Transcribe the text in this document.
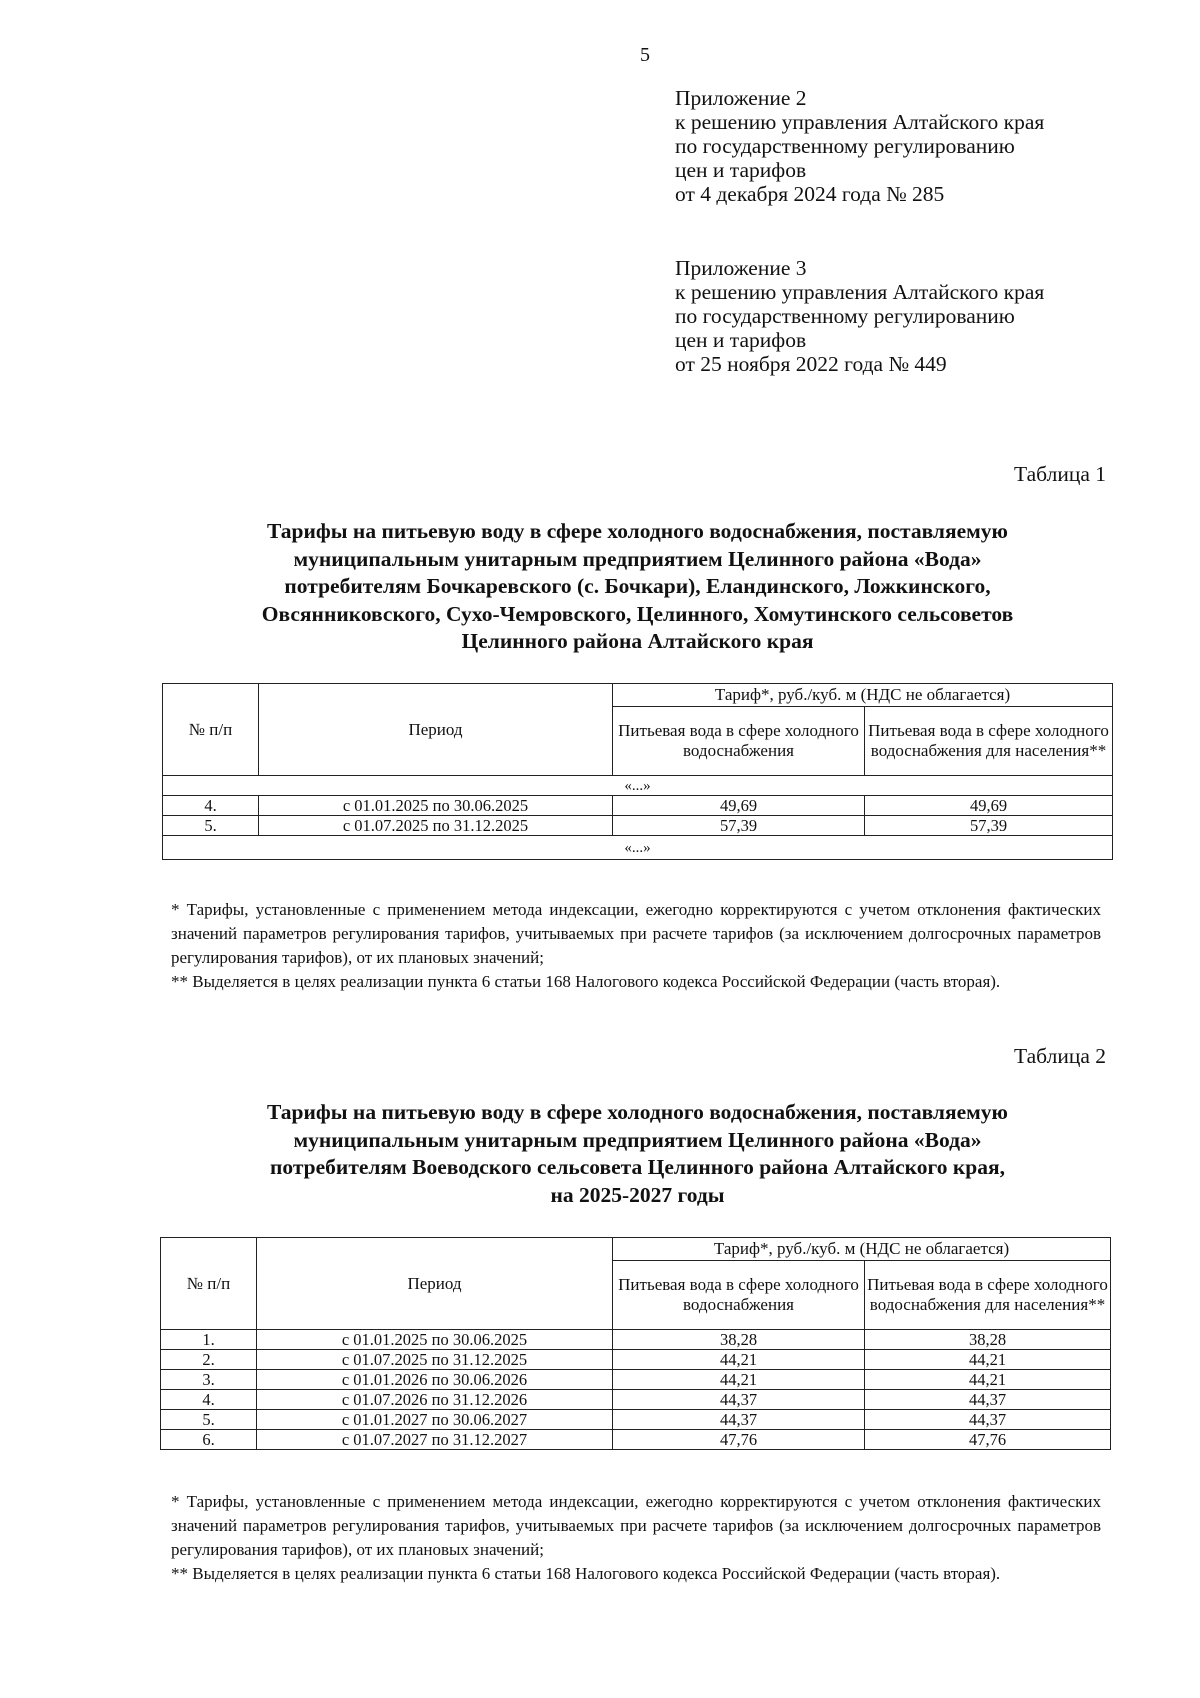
5
Приложение 2
к решению управления Алтайского края
по государственному регулированию
цен и тарифов
от 4 декабря 2024 года № 285
Приложение 3
к решению управления Алтайского края
по государственному регулированию
цен и тарифов
от 25 ноября 2022 года № 449
Таблица 1
Тарифы на питьевую воду в сфере холодного водоснабжения, поставляемую
муниципальным унитарным предприятием Целинного района «Вода»
потребителям Бочкаревского (с. Бочкари), Еландинского, Ложкинского,
Овсянниковского, Сухо-Чемровского, Целинного, Хомутинского сельсоветов
Целинного района Алтайского края
№ п/п	Период	Тариф*, руб./куб. м (НДС не облагается)	
		Питьевая вода в сфере холодного водоснабжения	Питьевая вода в сфере холодного водоснабжения для населения**
«...»			
4.	с 01.01.2025 по 30.06.2025	49,69	49,69
5.	с 01.07.2025 по 31.12.2025	57,39	57,39
«...»			

* Тарифы, установленные с применением метода индексации, ежегодно корректируются с учетом отклонения фактических значений параметров регулирования тарифов, учитываемых при расчете тарифов (за исключением долгосрочных параметров регулирования тарифов), от их плановых значений;

** Выделяется в целях реализации пункта 6 статьи 168 Налогового кодекса Российской Федерации (часть вторая).

Таблица 2
Тарифы на питьевую воду в сфере холодного водоснабжения, поставляемую
муниципальным унитарным предприятием Целинного района «Вода»
потребителям Воеводского сельсовета Целинного района Алтайского края,
на 2025-2027 годы
№ п/п	Период	Тариф*, руб./куб. м (НДС не облагается)	
		Питьевая вода в сфере холодного водоснабжения	Питьевая вода в сфере холодного водоснабжения для населения**
1.	с 01.01.2025 по 30.06.2025	38,28	38,28
2.	с 01.07.2025 по 31.12.2025	44,21	44,21
3.	с 01.01.2026 по 30.06.2026	44,21	44,21
4.	с 01.07.2026 по 31.12.2026	44,37	44,37
5.	с 01.01.2027 по 30.06.2027	44,37	44,37
6.	с 01.07.2027 по 31.12.2027	47,76	47,76

* Тарифы, установленные с применением метода индексации, ежегодно корректируются с учетом отклонения фактических значений параметров регулирования тарифов, учитываемых при расчете тарифов (за исключением долгосрочных параметров регулирования тарифов), от их плановых значений;

** Выделяется в целях реализации пункта 6 статьи 168 Налогового кодекса Российской Федерации (часть вторая).
